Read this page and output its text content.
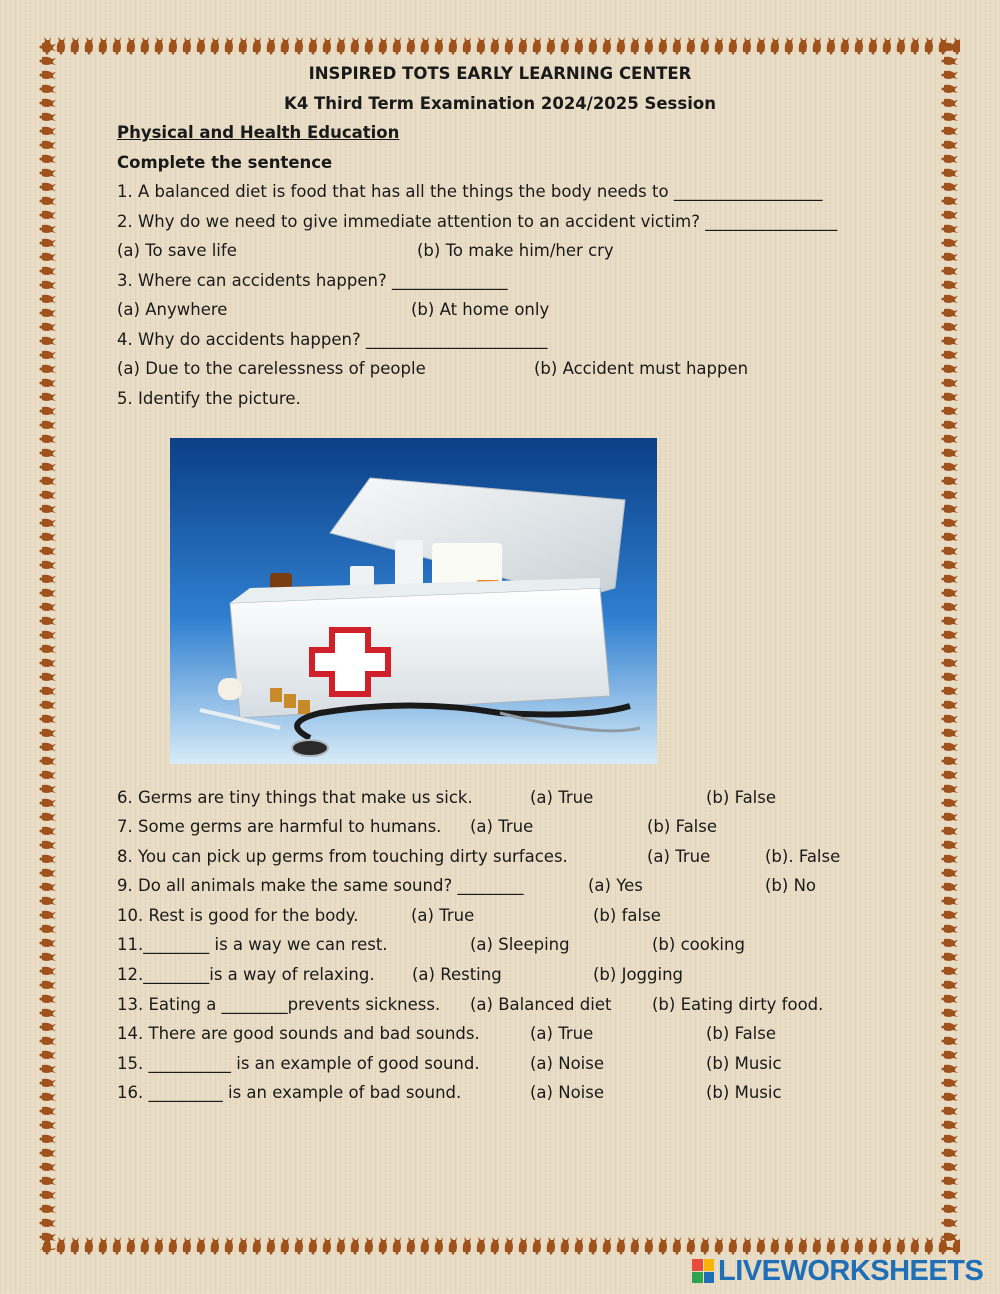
INSPIRED TOTS EARLY LEARNING CENTER
K4 Third Term Examination 2024/2025 Session
Physical and Health Education
Complete the sentence
1. A balanced diet is food that has all the things the body needs to __________________
2. Why do we need to give immediate attention to an accident victim? ________________
(a) To save life	(b) To make him/her cry
3. Where can accidents happen? ______________
(a) Anywhere	(b) At home only
4. Why do accidents happen? ______________________
(a) Due to the carelessness of people	(b) Accident must happen
5. Identify the picture.
6. Germs are tiny things that make us sick.	(a) True	(b) False
7. Some germs are harmful to humans. (a) True	(b) False
8. You can pick up germs from touching dirty surfaces.	(a) True	(b). False
9. Do all animals make the same sound? ________	(a) Yes	(b) No
10. Rest is good for the body.	(a) True	(b) false
11.________ is a way we can rest.	(a) Sleeping	(b) cooking
12.________is a way of relaxing. (a) Resting	(b) Jogging
13. Eating a ________prevents sickness. (a) Balanced diet (b) Eating dirty food.
14. There are good sounds and bad sounds.	(a) True	(b) False
15. __________ is an example of good sound.	(a) Noise	(b) Music
16. _________ is an example of bad sound.	(a) Noise	(b) Music
LIVEWORKSHEETS
